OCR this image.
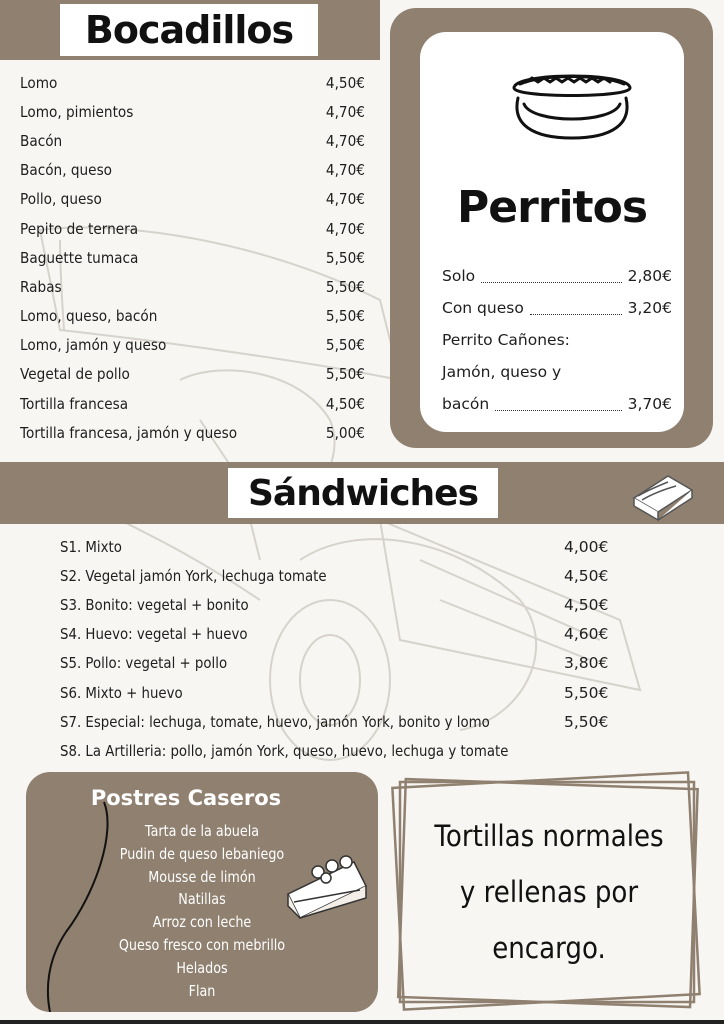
Bocadillos
Lomo	4,50€
Lomo, pimientos	4,70€
Bacón	4,70€
Bacón, queso	4,70€
Pollo, queso	4,70€
Pepito de ternera	4,70€
Baguette tumaca	5,50€
Rabas	5,50€
Lomo, queso, bacón	5,50€
Lomo, jamón y queso	5,50€
Vegetal de pollo	5,50€
Tortilla francesa	4,50€
Tortilla francesa, jamón y queso	5,00€
Perritos
Solo	2,80€
Con queso	3,20€
Perrito Cañones:
Jamón, queso y
bacón	3,70€
Sándwiches
S1. Mixto	4,00€
S2. Vegetal jamón York, lechuga tomate	4,50€
S3. Bonito: vegetal + bonito	4,50€
S4. Huevo: vegetal + huevo	4,60€
S5. Pollo: vegetal + pollo	3,80€
S6. Mixto + huevo	5,50€
S7. Especial: lechuga, tomate, huevo, jamón York, bonito y lomo	5,50€
S8. La Artilleria: pollo, jamón York, queso, huevo, lechuga y tomate
Postres Caseros
Tarta de la abuela
Pudin de queso lebaniego
Mousse de limón
Natillas
Arroz con leche
Queso fresco con mebrillo
Helados
Flan
Tortillas normales
y rellenas por
encargo.
